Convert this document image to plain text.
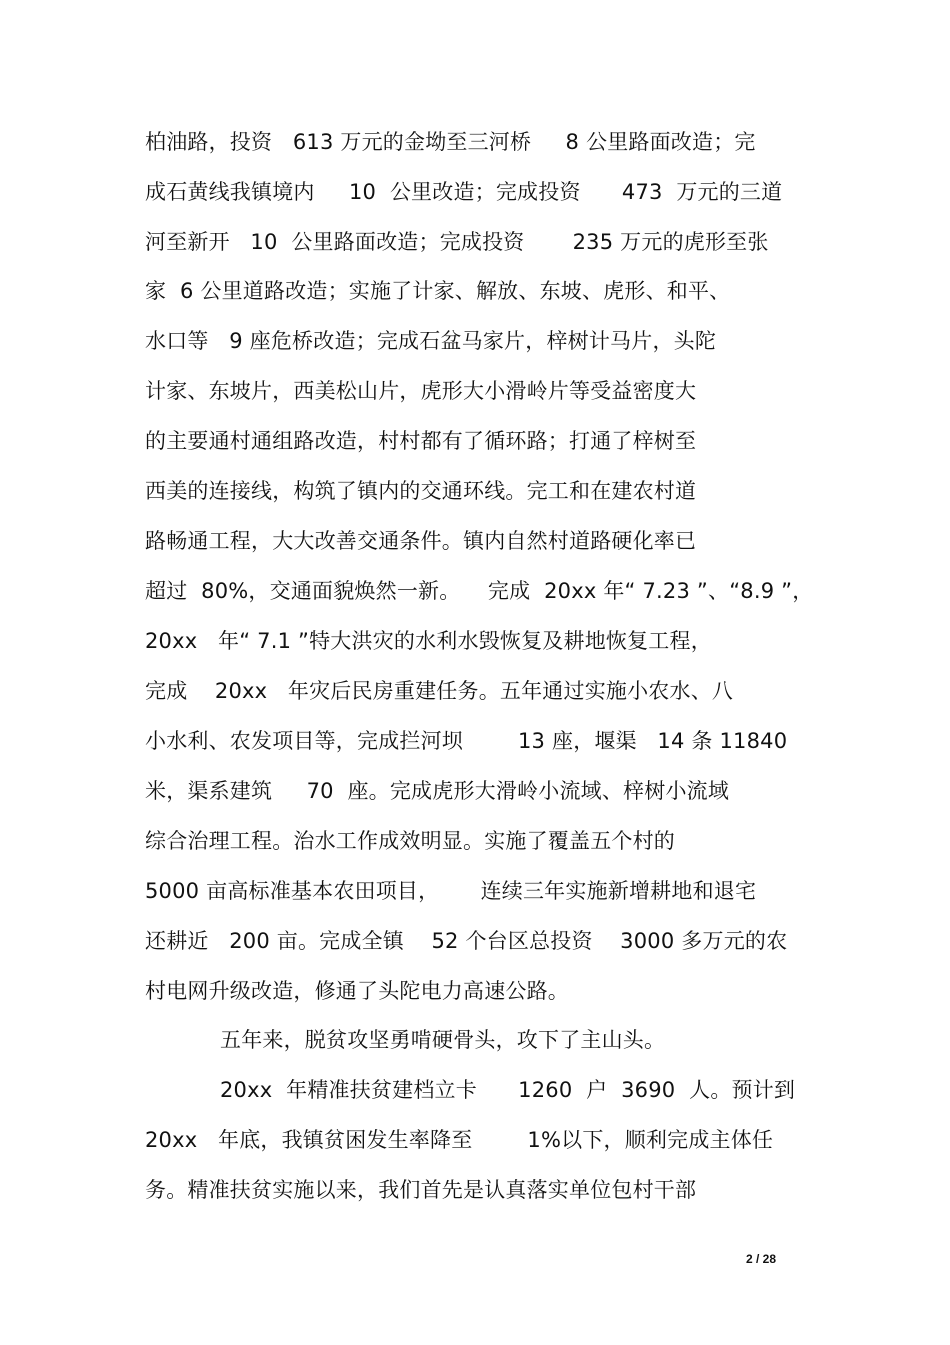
柏油路，投资   613 万元的金坳至三河桥     8 公里路面改造；完
成石黄线我镇境内     10  公里改造；完成投资      473  万元的三道
河至新开   10  公里路面改造；完成投资       235 万元的虎形至张
家  6 公里道路改造；实施了计家、解放、东坡、虎形、和平、
水口等   9 座危桥改造；完成石盆马家片，梓树计马片，头陀
计家、东坡片，西美松山片，虎形大小滑岭片等受益密度大
的主要通村通组路改造，村村都有了循环路；打通了梓树至
西美的连接线，构筑了镇内的交通环线。完工和在建农村道
路畅通工程，大大改善交通条件。镇内自然村道路硬化率已
超过  80%，交通面貌焕然一新。    完成  20xx 年“ 7.23 ”、“8.9 ”，
20xx   年“ 7.1 ”特大洪灾的水利水毁恢复及耕地恢复工程，
完成    20xx   年灾后民房重建任务。五年通过实施小农水、八
小水利、农发项目等，完成拦河坝        13 座，堰渠   14 条 11840
米，渠系建筑     70  座。完成虎形大滑岭小流域、梓树小流域
综合治理工程。治水工作成效明显。实施了覆盖五个村的
5000 亩高标准基本农田项目，      连续三年实施新增耕地和退宅
还耕近   200 亩。完成全镇    52 个台区总投资    3000 多万元的农
村电网升级改造，修通了头陀电力高速公路。
五年来，脱贫攻坚勇啃硬骨头，攻下了主山头。
20xx  年精准扶贫建档立卡      1260  户  3690  人。预计到
20xx   年底，我镇贫困发生率降至        1%以下，顺利完成主体任
务。精准扶贫实施以来，我们首先是认真落实单位包村干部
2 / 28
